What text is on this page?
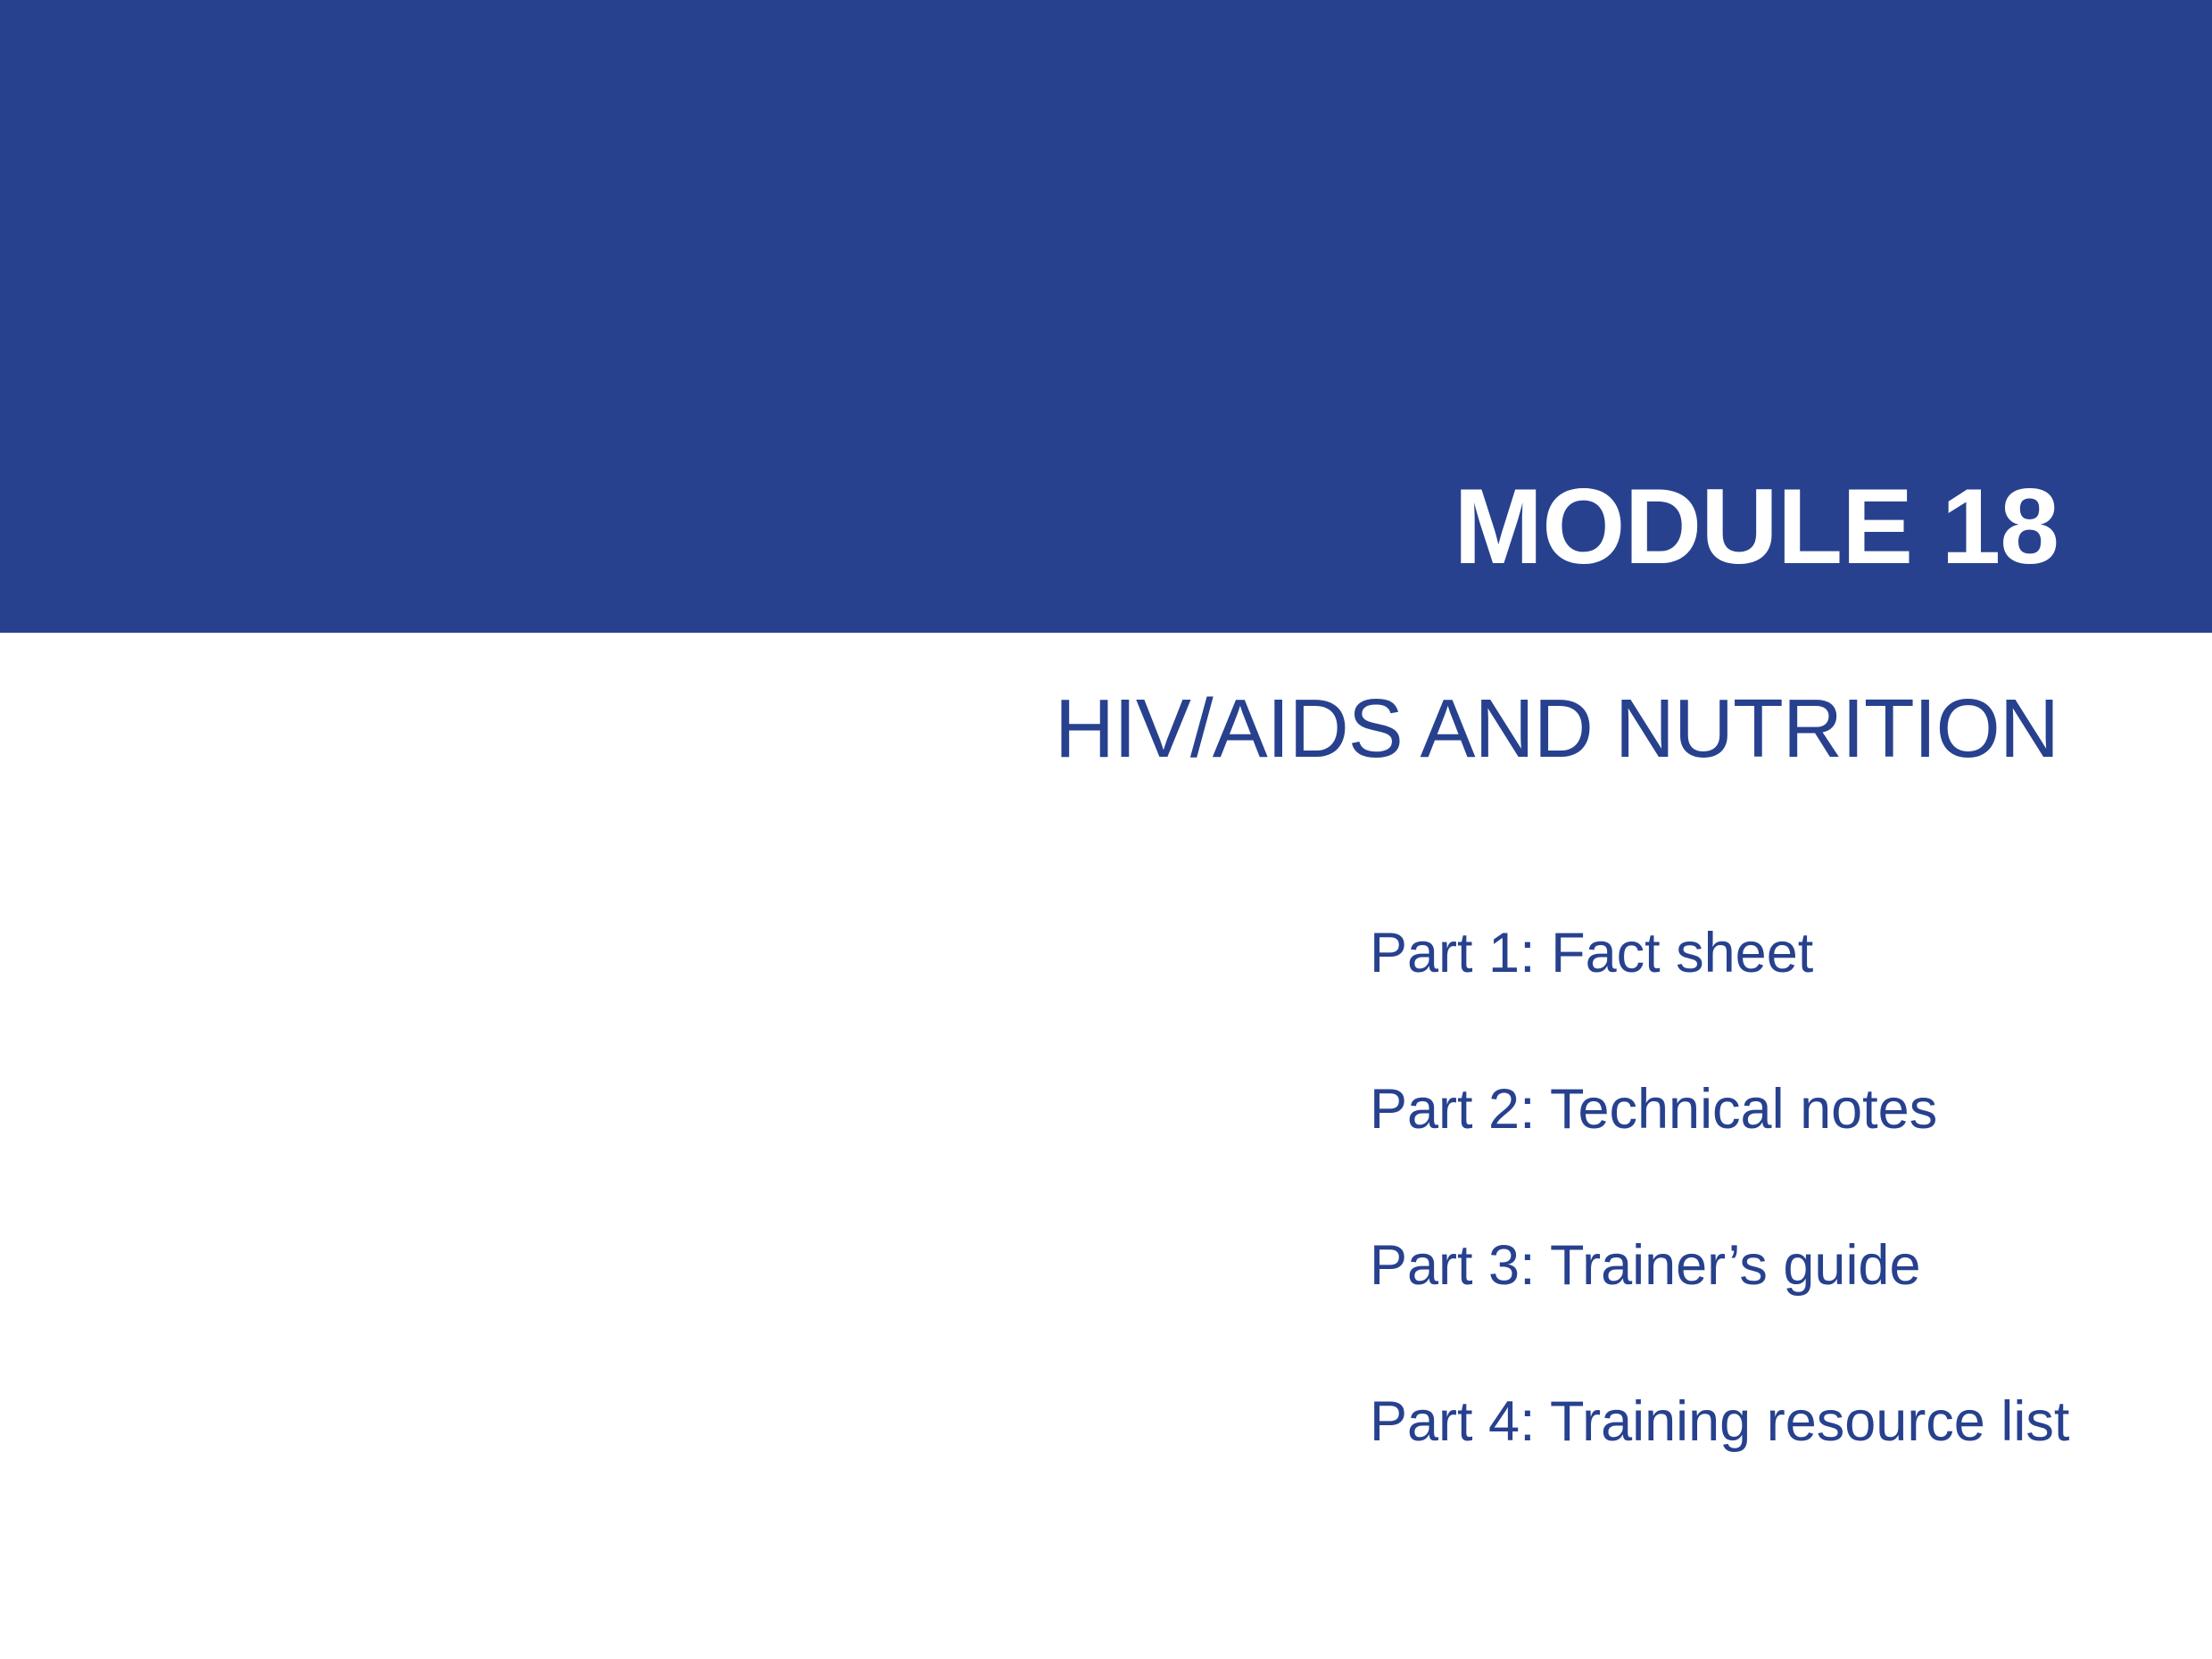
MODULE 18
HIV/AIDS AND NUTRITION
Part 1: Fact sheet
Part 2: Technical notes
Part 3: Trainer’s guide
Part 4: Training resource list
